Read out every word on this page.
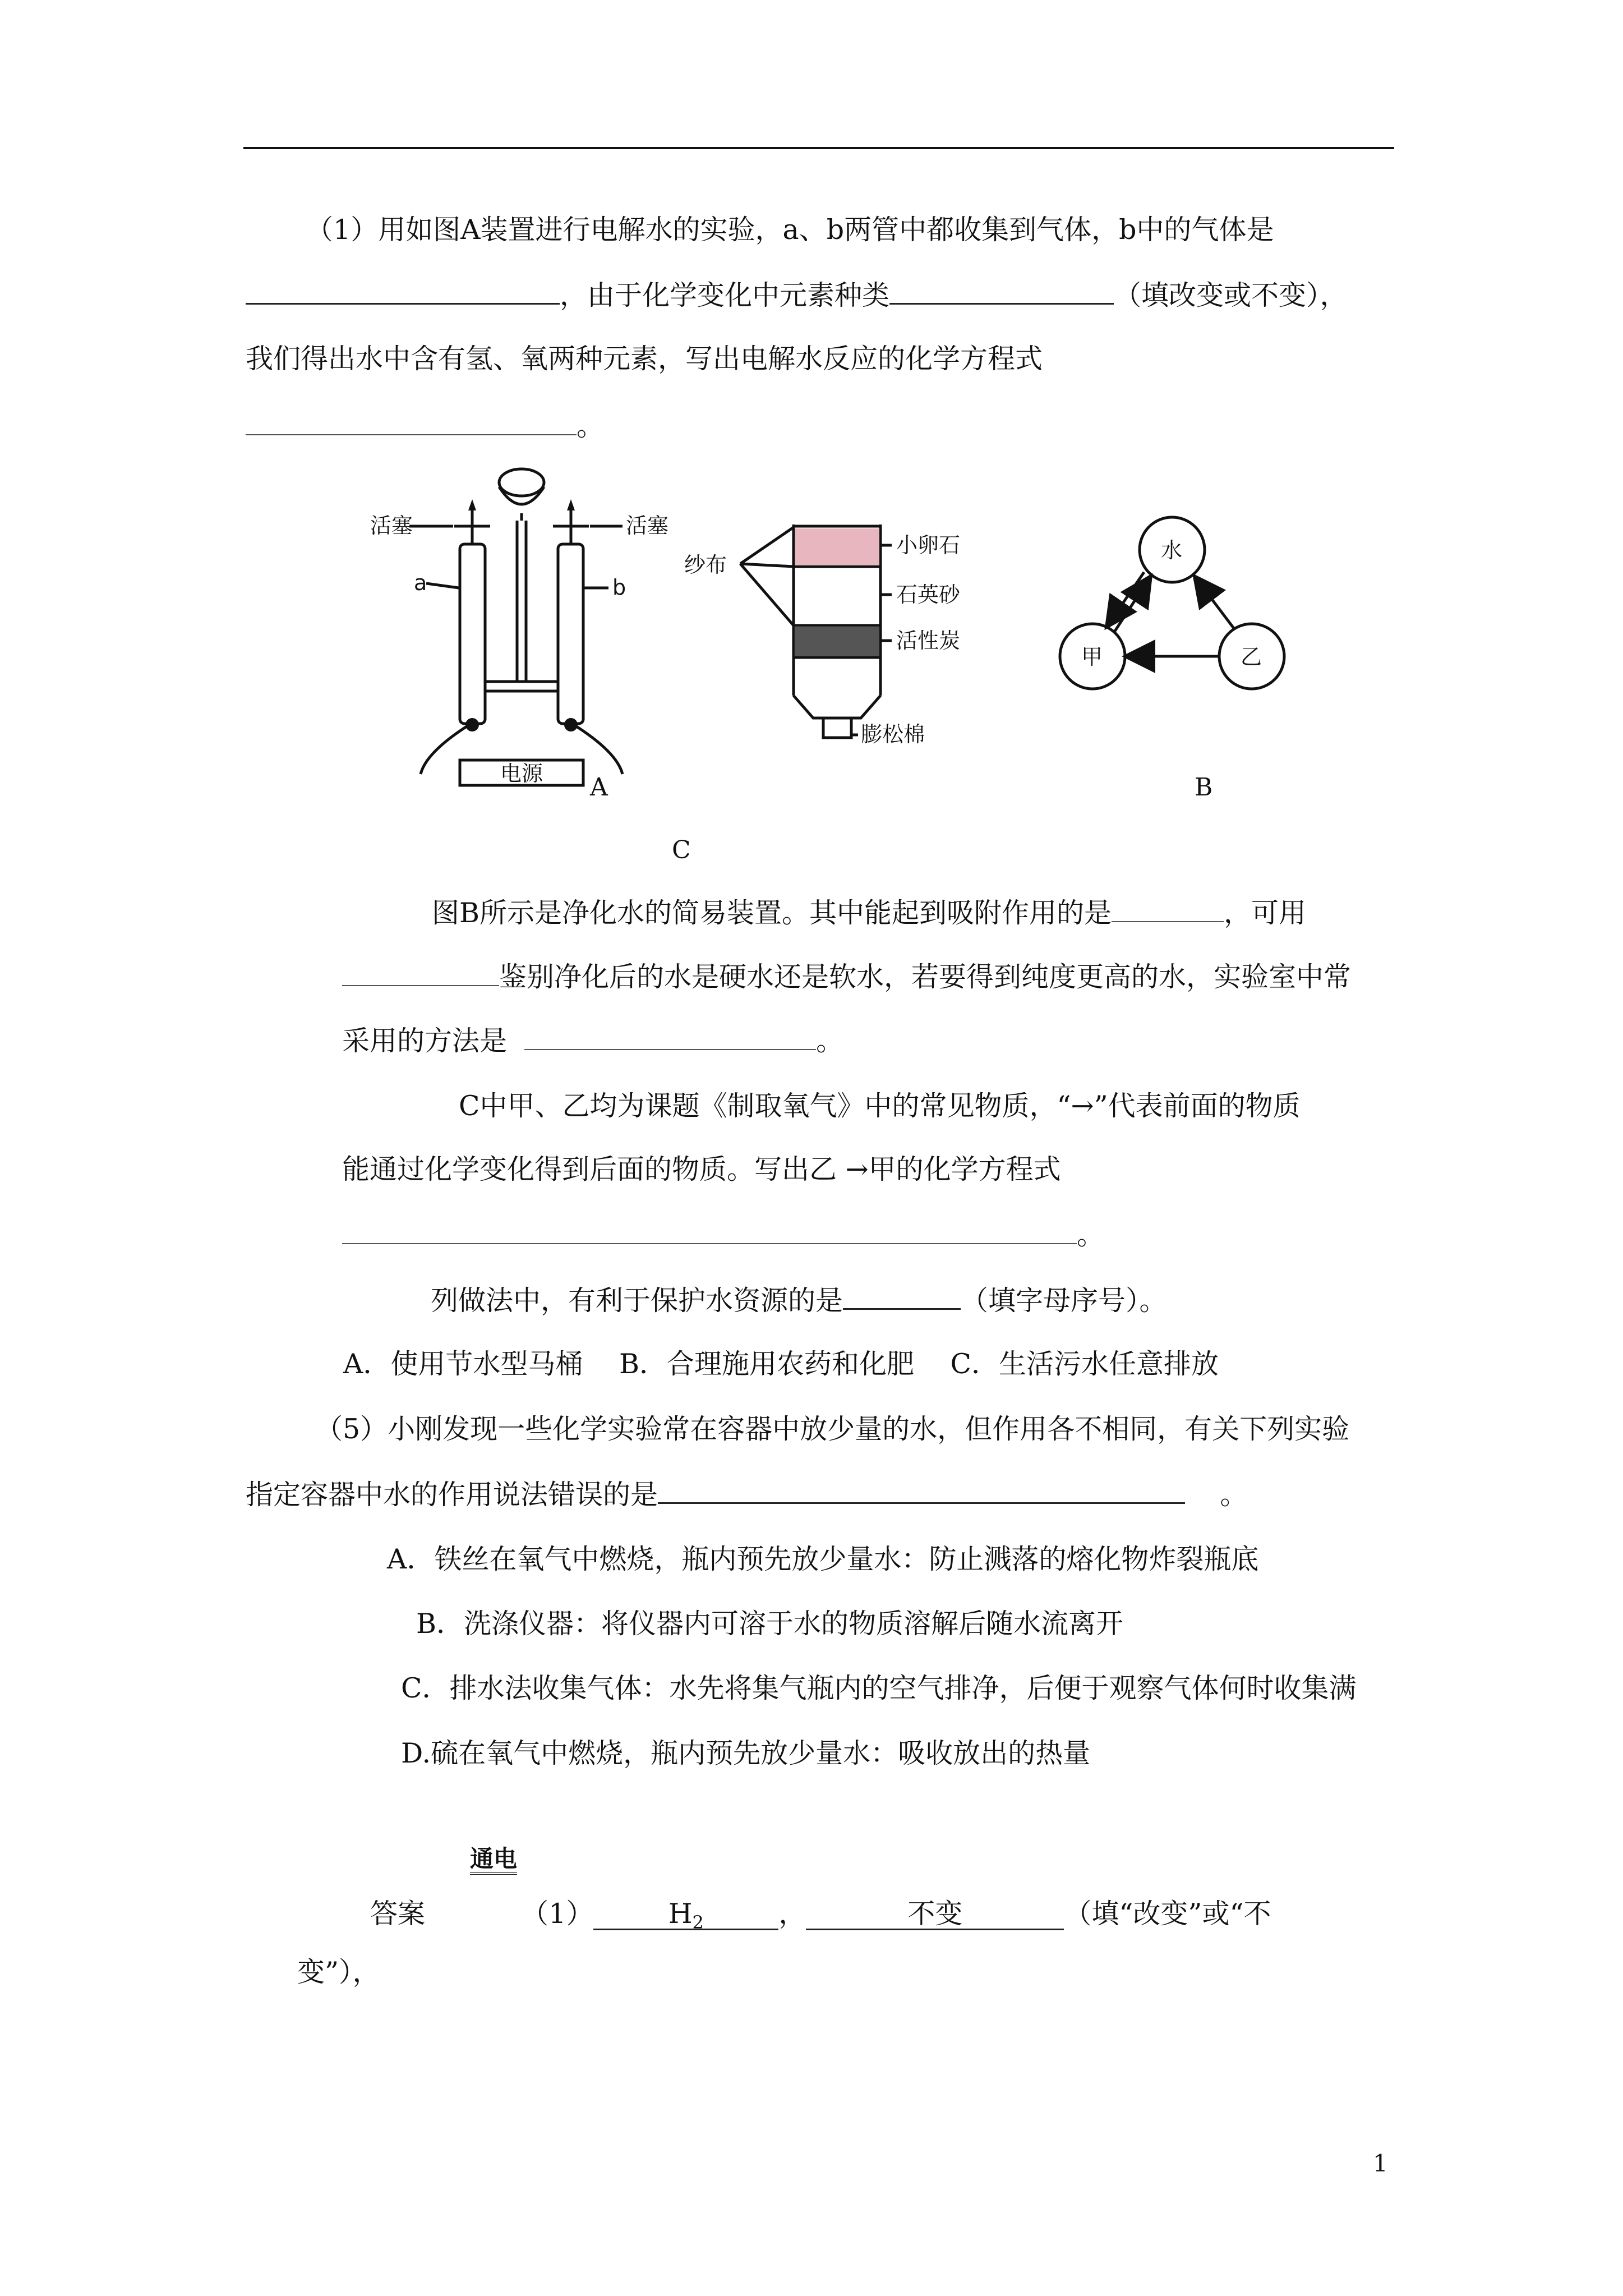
（1）用如图A装置进行电解水的实验，a、b两管中都收集到气体，b中的气体是
，由于化学变化中元素种类	（填改变或不变），
我们得出水中含有氢、氧两种元素，写出电解水反应的化学方程式
。
活塞	活塞
a	b
电源
纱布
小卵石
石英砂
活性炭
膨松棉
水
甲	乙
A	B
C
图B所示是净化水的简易装置。其中能起到吸附作用的是	，可用
鉴别净化后的水是硬水还是软水，若要得到纯度更高的水，实验室中常
采用的方法是	。
C中甲、乙均为课题《制取氧气》中的常见物质，“→”代表前面的物质
能通过化学变化得到后面的物质。写出乙 →甲的化学方程式
。
列做法中，有利于保护水资源的是	（填字母序号）。
A．使用节水型马桶　 B．合理施用农药和化肥　 C．生活污水任意排放
（5）小刚发现一些化学实验常在容器中放少量的水，但作用各不相同，有关下列实验
指定容器中水的作用说法错误的是	。
A．铁丝在氧气中燃烧，瓶内预先放少量水：防止溅落的熔化物炸裂瓶底
B．洗涤仪器：将仪器内可溶于水的物质溶解后随水流离开
C．排水法收集气体：水先将集气瓶内的空气排净，后便于观察气体何时收集满
D.硫在氧气中燃烧，瓶内预先放少量水：吸收放出的热量
通电
答案	（1）	$H_2$	，	不变	（填“改变”或“不
变”），
1
